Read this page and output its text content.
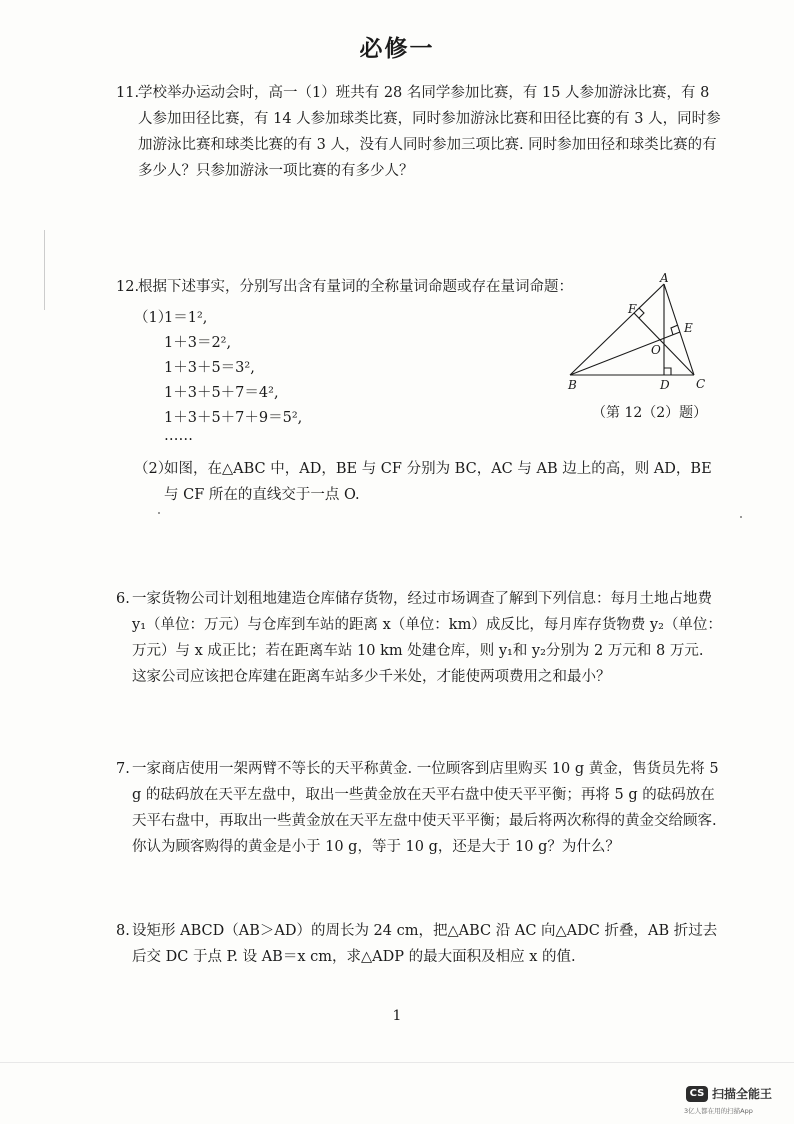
必修一
11.
学校举办运动会时，高一（1）班共有 28 名同学参加比赛，有 15 人参加游泳比赛，有 8 人参加田径比赛，有 14 人参加球类比赛，同时参加游泳比赛和田径比赛的有 3 人，同时参加游泳比赛和球类比赛的有 3 人，没有人同时参加三项比赛. 同时参加田径和球类比赛的有多少人？只参加游泳一项比赛的有多少人？
12.
根据下述事实，分别写出含有量词的全称量词命题或存在量词命题：
（1）
1＝1²,
1＋3＝2²,
1＋3＋5＝3²,
1＋3＋5＋7＝4²,
1＋3＋5＋7＋9＝5²,
……
（2）
如图，在△ABC 中，AD，BE 与 CF 分别为 BC，AC 与 AB 边上的高，则 AD，BE 与 CF 所在的直线交于一点 O.
A
B	C
D
E
F
O
（第 12（2）题）
6. 一家货物公司计划租地建造仓库储存货物，经过市场调查了解到下列信息：每月土地占地费 y₁（单位：万元）与仓库到车站的距离 x（单位：km）成反比，每月库存货物费 y₂（单位：万元）与 x 成正比；若在距离车站 10 km 处建仓库，则 y₁和 y₂分别为 2 万元和 8 万元. 这家公司应该把仓库建在距离车站多少千米处，才能使两项费用之和最小？
7. 一家商店使用一架两臂不等长的天平称黄金. 一位顾客到店里购买 10 g 黄金，售货员先将 5 g 的砝码放在天平左盘中，取出一些黄金放在天平右盘中使天平平衡；再将 5 g 的砝码放在天平右盘中，再取出一些黄金放在天平左盘中使天平平衡；最后将两次称得的黄金交给顾客. 你认为顾客购得的黄金是小于 10 g，等于 10 g，还是大于 10 g？为什么？
8. 设矩形 ABCD（AB＞AD）的周长为 24 cm，把△ABC 沿 AC 向△ADC 折叠，AB 折过去后交 DC 于点 P. 设 AB＝x cm，求△ADP 的最大面积及相应 x 的值.
1
CS 扫描全能王
3亿人都在用的扫描App
